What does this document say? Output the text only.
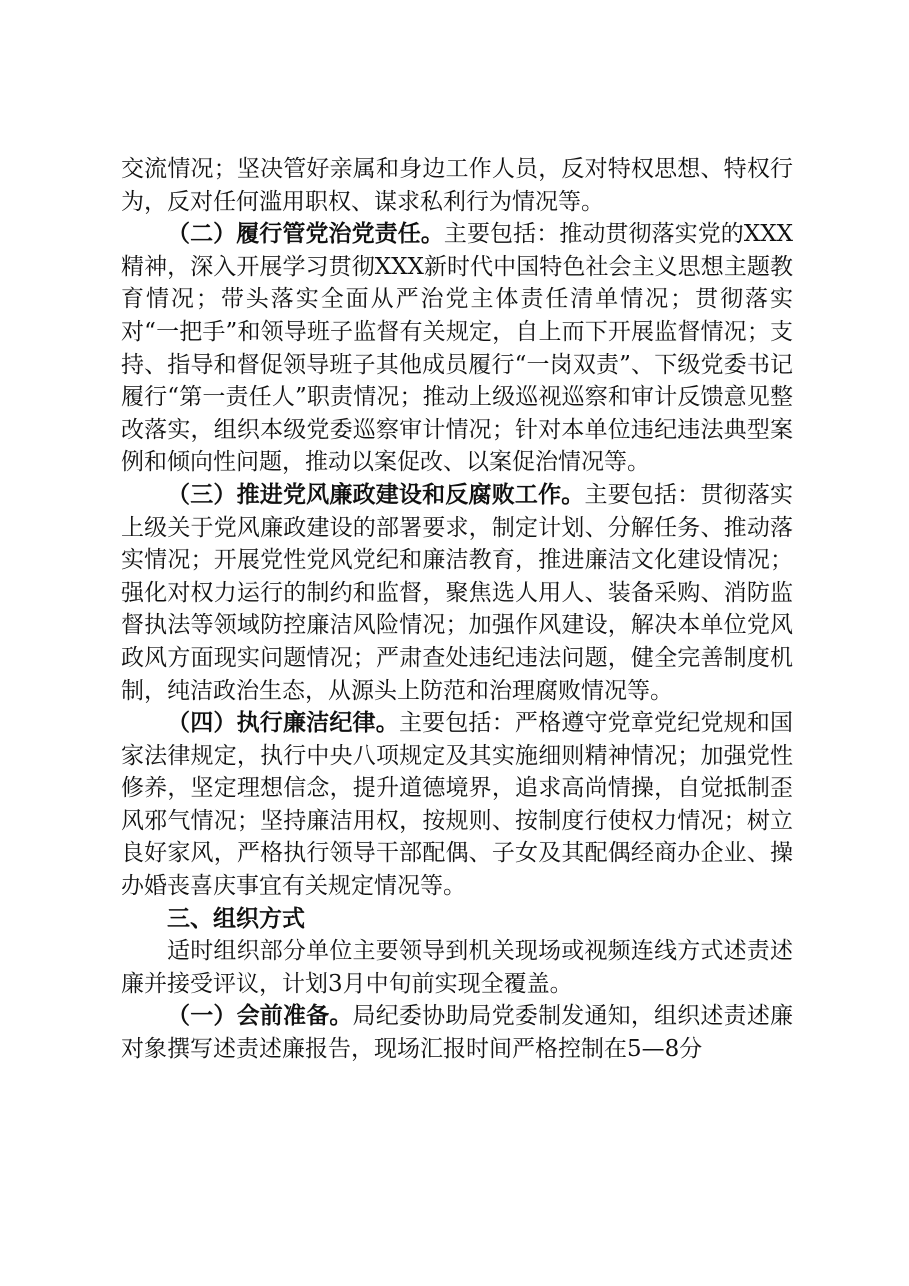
交流情况；坚决管好亲属和身边工作人员，反对特权思想、特权行为，反对任何滥用职权、谋求私利行为情况等。

（二）履行管党治党责任。主要包括：推动贯彻落实党的XXX精神，深入开展学习贯彻XXX新时代中国特色社会主义思想主题教育情况；带头落实全面从严治党主体责任清单情况；贯彻落实对“一把手”和领导班子监督有关规定，自上而下开展监督情况；支持、指导和督促领导班子其他成员履行“一岗双责”、下级党委书记履行“第一责任人”职责情况；推动上级巡视巡察和审计反馈意见整改落实，组织本级党委巡察审计情况；针对本单位违纪违法典型案例和倾向性问题，推动以案促改、以案促治情况等。

（三）推进党风廉政建设和反腐败工作。主要包括：贯彻落实上级关于党风廉政建设的部署要求，制定计划、分解任务、推动落实情况；开展党性党风党纪和廉洁教育，推进廉洁文化建设情况；强化对权力运行的制约和监督，聚焦选人用人、装备采购、消防监督执法等领域防控廉洁风险情况；加强作风建设，解决本单位党风政风方面现实问题情况；严肃查处违纪违法问题，健全完善制度机制，纯洁政治生态，从源头上防范和治理腐败情况等。

（四）执行廉洁纪律。主要包括：严格遵守党章党纪党规和国家法律规定，执行中央八项规定及其实施细则精神情况；加强党性修养，坚定理想信念，提升道德境界，追求高尚情操，自觉抵制歪风邪气情况；坚持廉洁用权，按规则、按制度行使权力情况；树立良好家风，严格执行领导干部配偶、子女及其配偶经商办企业、操办婚丧喜庆事宜有关规定情况等。

三、组织方式

适时组织部分单位主要领导到机关现场或视频连线方式述责述廉并接受评议，计划3月中旬前实现全覆盖。

（一）会前准备。局纪委协助局党委制发通知，组织述责述廉对象撰写述责述廉报告，现场汇报时间严格控制在5—8分
